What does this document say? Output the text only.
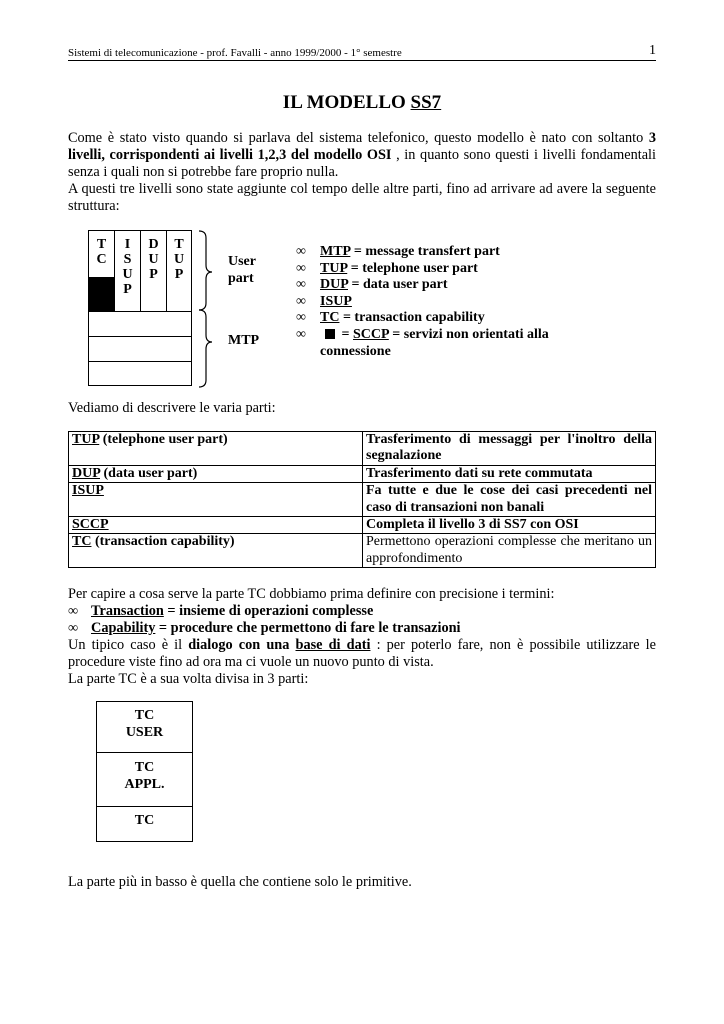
Sistemi di telecomunicazione - prof. Favalli - anno 1999/2000 - 1° semestre	1
IL MODELLO SS7
Come è stato visto quando si parlava del sistema telefonico, questo modello è nato con soltanto 3 livelli, corrispondenti ai livelli 1,2,3 del modello OSI , in quanto sono questi i livelli fondamentali senza i quali non si potrebbe fare proprio nulla.
A questi tre livelli sono state aggiunte col tempo delle altre parti, fino ad arrivare ad avere la seguente struttura:
T
C
I
S
U
P
D
U
P
T
U
P
User
part
MTP
∞ MTP = message transfert part
∞ TUP = telephone user part
∞ DUP = data user part
∞ ISUP
∞ TC = transaction capability
∞ = SCCP = servizi non orientati alla connessione
Vediamo di descrivere le varia parti:
TUP (telephone user part)	Trasferimento di messaggi per l'inoltro della segnalazione
DUP (data user part)	Trasferimento dati su rete commutata
ISUP	Fa tutte e due le cose dei casi precedenti nel caso di transazioni non banali
SCCP	Completa il livello 3 di SS7 con OSI
TC (transaction capability)	Permettono operazioni complesse che meritano un approfondimento
Per capire a cosa serve la parte TC dobbiamo prima definire con precisione i termini:
∞ Transaction = insieme di operazioni complesse
∞ Capability = procedure che permettono di fare le transazioni
Un tipico caso è il dialogo con una base di dati : per poterlo fare, non è possibile utilizzare le procedure viste fino ad ora ma ci vuole un nuovo punto di vista.
La parte TC è a sua volta divisa in 3 parti:
TC
USER
TC
APPL.
TC
La parte più in basso è quella che contiene solo le primitive.
